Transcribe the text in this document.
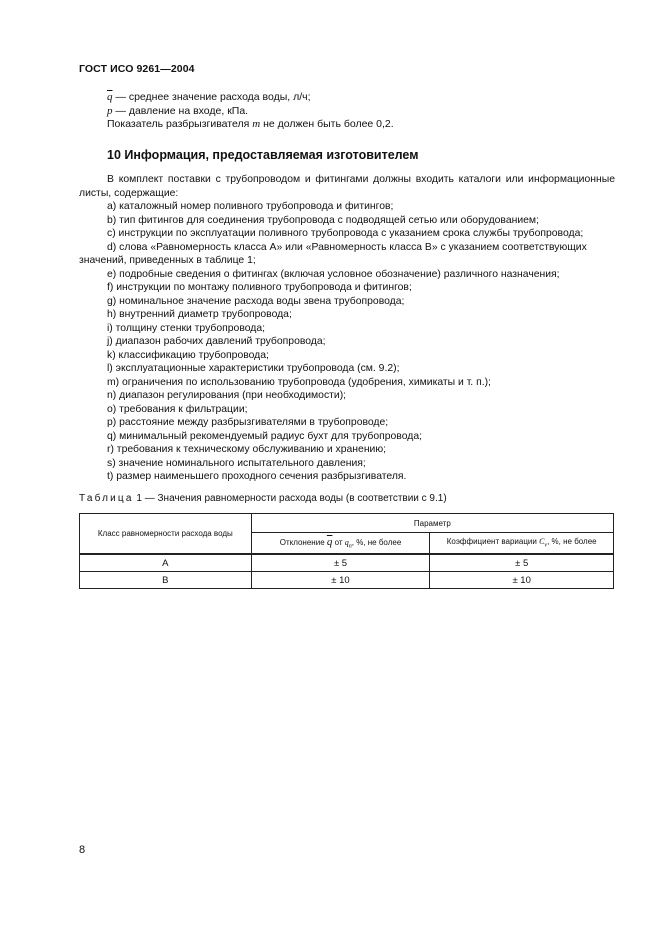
ГОСТ ИСО 9261—2004
$\overline{q}$ — среднее значение расхода воды, л/ч;
p — давление на входе, кПа.
Показатель разбрызгивателя m не должен быть более 0,2.
10 Информация, предоставляемая изготовителем
В комплект поставки с трубопроводом и фитингами должны входить каталоги или информационные листы, содержащие:
a) каталожный номер поливного трубопровода и фитингов;
b) тип фитингов для соединения трубопровода с подводящей сетью или оборудованием;
c) инструкции по эксплуатации поливного трубопровода с указанием срока службы трубопровода;
d) слова «Равномерность класса А» или «Равномерность класса В» с указанием соответствующих значений, приведенных в таблице 1;
e) подробные сведения о фитингах (включая условное обозначение) различного назначения;
f) инструкции по монтажу поливного трубопровода и фитингов;
g) номинальное значение расхода воды звена трубопровода;
h) внутренний диаметр трубопровода;
i) толщину стенки трубопровода;
j) диапазон рабочих давлений трубопровода;
k) классификацию трубопровода;
l) эксплуатационные характеристики трубопровода (см. 9.2);
m) ограничения по использованию трубопровода (удобрения, химикаты и т. п.);
n) диапазон регулирования (при необходимости);
o) требования к фильтрации;
p) расстояние между разбрызгивателями в трубопроводе;
q) минимальный рекомендуемый радиус бухт для трубопровода;
r) требования к техническому обслуживанию и хранению;
s) значение номинального испытательного давления;
t) размер наименьшего проходного сечения разбрызгивателя.
Таблица 1 — Значения равномерности расхода воды (в соответствии с 9.1)
Класс равномерности расхода воды	Параметр	
	Отклонение $\overline{q}$ от $q_n$, %, не более	Коэффициент вариации $C_v$, %, не более
A	± 5	± 5
B	± 10	± 10
8
